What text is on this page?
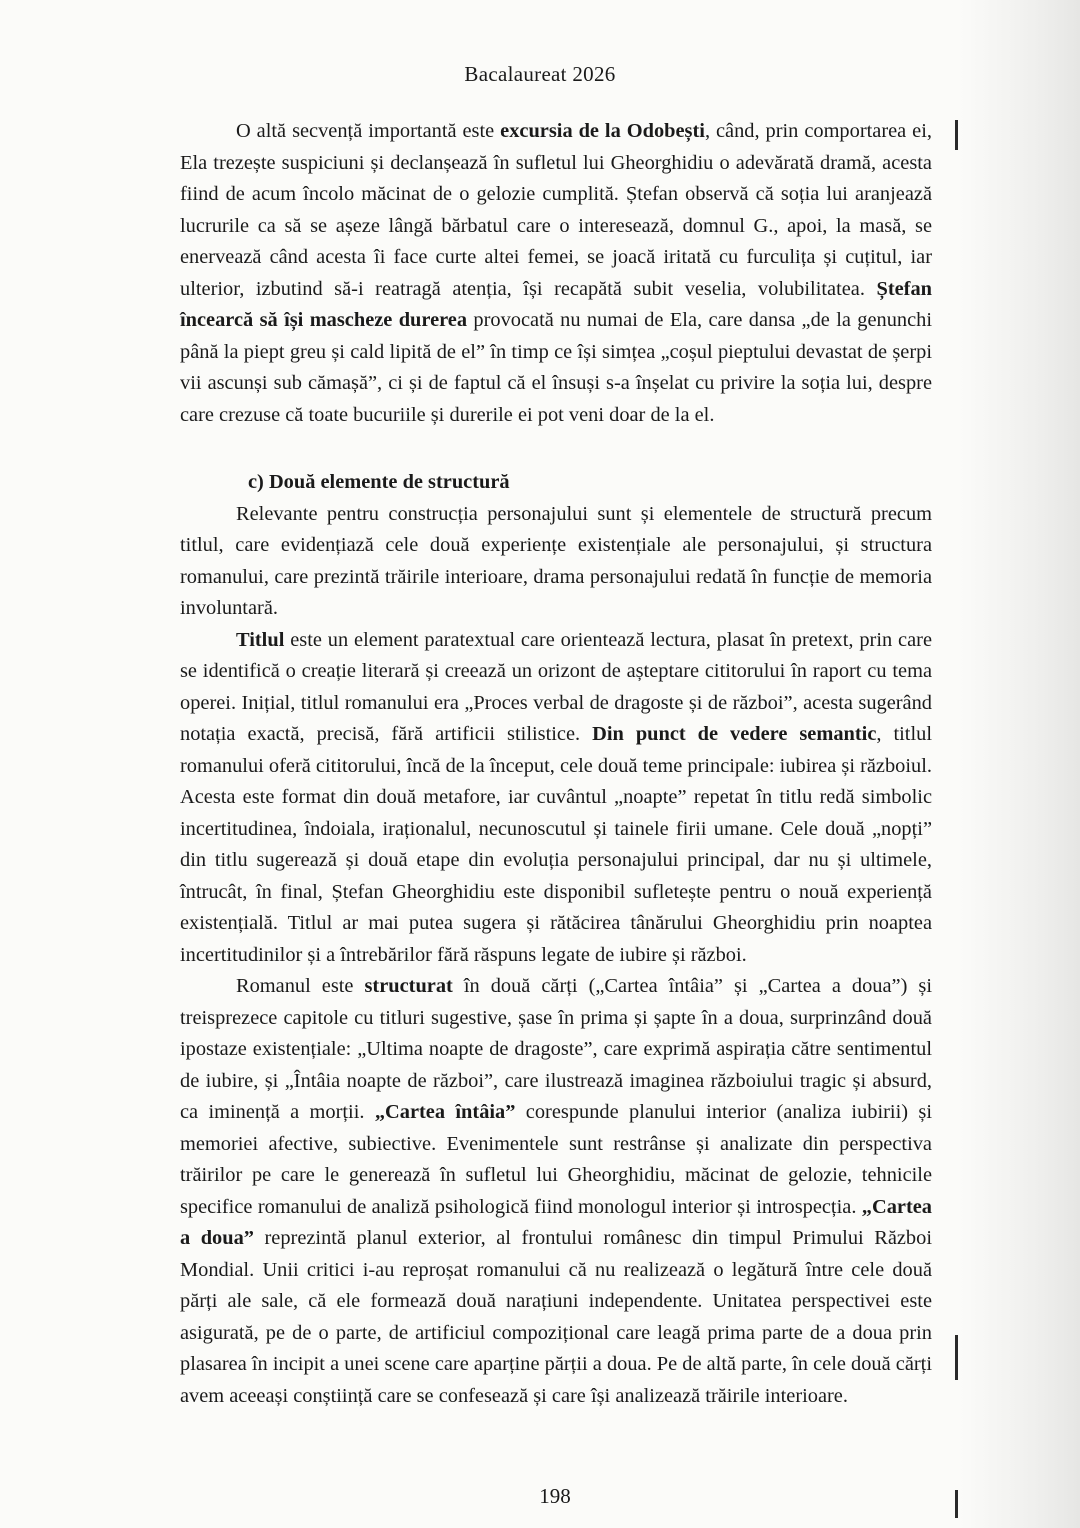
Bacalaureat 2026

O altă secvență importantă este excursia de la Odobești, când, prin comportarea ei, Ela trezește suspiciuni și declanșează în sufletul lui Gheorghidiu o adevărată dramă, acesta fiind de acum încolo măcinat de o gelozie cumplită. Ștefan observă că soția lui aranjează lucrurile ca să se așeze lângă bărbatul care o interesează, domnul G., apoi, la masă, se enervează când acesta îi face curte altei femei, se joacă iritată cu furculița și cuțitul, iar ulterior, izbutind să-i reatragă atenția, își recapătă subit veselia, volubilitatea. Ștefan încearcă să își mascheze durerea provocată nu numai de Ela, care dansa „de la genunchi până la piept greu și cald lipită de el” în timp ce își simțea „coșul pieptului devastat de șerpi vii ascunși sub cămașă”, ci și de faptul că el însuși s-a înșelat cu privire la soția lui, despre care crezuse că toate bucuriile și durerile ei pot veni doar de la el.

c) Două elemente de structură

Relevante pentru construcția personajului sunt și elementele de structură precum titlul, care evidențiază cele două experiențe existențiale ale personajului, și structura romanului, care prezintă trăirile interioare, drama personajului redată în funcție de memoria involuntară.

Titlul este un element paratextual care orientează lectura, plasat în pretext, prin care se identifică o creație literară și creează un orizont de așteptare cititorului în raport cu tema operei. Inițial, titlul romanului era „Proces verbal de dragoste și de război”, acesta sugerând notația exactă, precisă, fără artificii stilistice. Din punct de vedere semantic, titlul romanului oferă cititorului, încă de la început, cele două teme principale: iubirea și războiul. Acesta este format din două metafore, iar cuvântul „noapte” repetat în titlu redă simbolic incertitudinea, îndoiala, iraționalul, necunoscutul și tainele firii umane. Cele două „nopți” din titlu sugerează și două etape din evoluția personajului principal, dar nu și ultimele, întrucât, în final, Ștefan Gheorghidiu este disponibil sufletește pentru o nouă experiență existențială. Titlul ar mai putea sugera și rătăcirea tânărului Gheorghidiu prin noaptea incertitudinilor și a întrebărilor fără răspuns legate de iubire și război.

Romanul este structurat în două cărți („Cartea întâia” și „Cartea a doua”) și treisprezece capitole cu titluri sugestive, șase în prima și șapte în a doua, surprinzând două ipostaze existențiale: „Ultima noapte de dragoste”, care exprimă aspirația către sentimentul de iubire, și „Întâia noapte de război”, care ilustrează imaginea războiului tragic și absurd, ca iminență a morții. „Cartea întâia” corespunde planului interior (analiza iubirii) și memoriei afective, subiective. Evenimentele sunt restrânse și analizate din perspectiva trăirilor pe care le generează în sufletul lui Gheorghidiu, măcinat de gelozie, tehnicile specifice romanului de analiză psihologică fiind monologul interior și introspecția. „Cartea a doua” reprezintă planul exterior, al frontului românesc din timpul Primului Război Mondial. Unii critici i-au reproșat romanului că nu realizează o legătură între cele două părți ale sale, că ele formează două narațiuni independente. Unitatea perspectivei este asigurată, pe de o parte, de artificiul compozițional care leagă prima parte de a doua prin plasarea în incipit a unei scene care aparține părții a doua. Pe de altă parte, în cele două cărți avem aceeași conștiință care se confesează și care își analizează trăirile interioare.

198
